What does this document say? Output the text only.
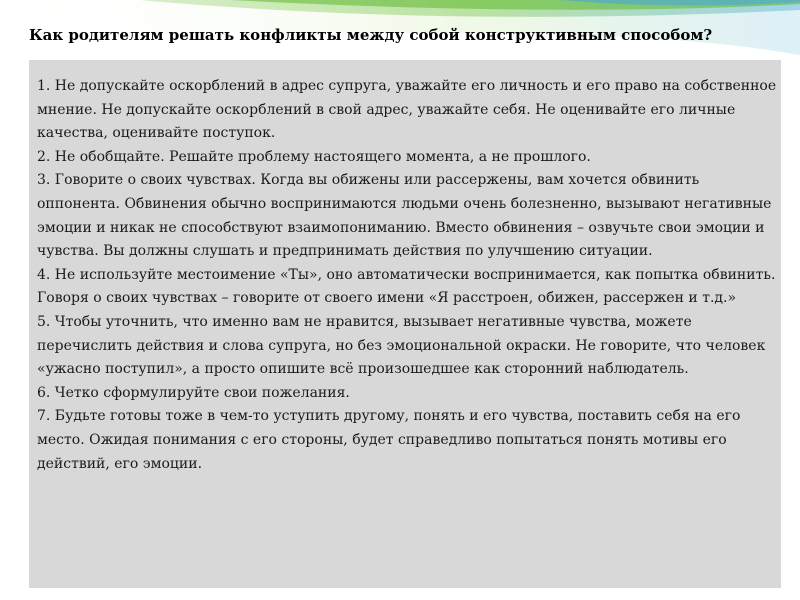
Как родителям решать конфликты между собой конструктивным способом?
1. Не допускайте оскорблений в адрес супруга, уважайте его личность и его право на собственное мнение. Не допускайте оскорблений в свой адрес, уважайте себя. Не оценивайте его личные качества, оценивайте поступок.
2. Не обобщайте. Решайте проблему настоящего момента, а не прошлого.
3. Говорите о своих чувствах. Когда вы обижены или рассержены, вам хочется обвинить оппонента. Обвинения обычно воспринимаются людьми очень болезненно, вызывают негативные эмоции и никак не способствуют взаимопониманию. Вместо обвинения – озвучьте свои эмоции и чувства. Вы должны слушать и предпринимать действия по улучшению ситуации.
4. Не используйте местоимение «Ты», оно автоматически воспринимается, как попытка обвинить. Говоря о своих чувствах – говорите от своего имени «Я расстроен, обижен, рассержен и т.д.»
5. Чтобы уточнить, что именно вам не нравится, вызывает негативные чувства, можете перечислить действия и слова супруга, но без эмоциональной окраски. Не говорите, что человек «ужасно поступил», а просто опишите всё произошедшее как сторонний наблюдатель.
6. Четко сформулируйте свои пожелания.
7. Будьте готовы тоже в чем-то уступить другому, понять и его чувства, поставить себя на его место. Ожидая понимания с его стороны, будет справедливо попытаться понять мотивы его действий, его эмоции.
